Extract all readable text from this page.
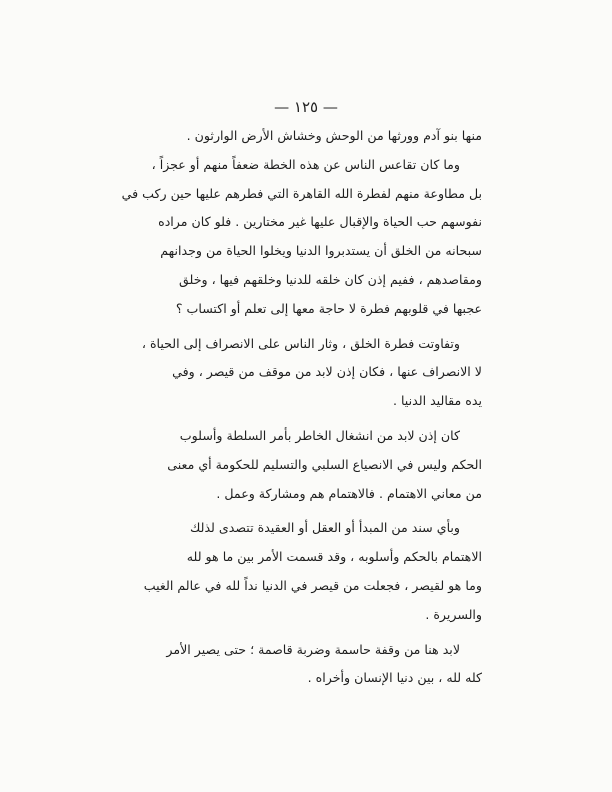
— ١٢٥ —
منها بنو آدم وورثها من الوحش وخشاش الأرض الوارثون .
وما كان تقاعس الناس عن هذه الخطة ضعفاً منهم أو عجزاً ،
بل مطاوعة منهم لفطرة الله القاهرة التي فطرهم عليها حين ركب في
نفوسهم حب الحياة والإقبال عليها غير مختارين . فلو كان مراده
سبحانه من الخلق أن يستدبروا الدنيا ويخلوا الحياة من وجدانهم
ومقاصدهم ، ففيم إذن كان خلقه للدنيا وخلقهم فيها ، وخلق
عجبها في قلوبهم فطرة لا حاجة معها إلى تعلم أو اكتساب ؟
وتفاوتت فطرة الخلق ، وثار الناس على الانصراف إلى الحياة ،
لا الانصراف عنها ، فكان إذن لابد من موقف من قيصر ، وفي
يده مقاليد الدنيا .
كان إذن لابد من انشغال الخاطر بأمر السلطة وأسلوب
الحكم وليس في الانصياع السلبي والتسليم للحكومة أي معنى
من معاني الاهتمام . فالاهتمام هم ومشاركة وعمل .
وبأي سند من المبدأ أو العقل أو العقيدة تتصدى لذلك
الاهتمام بالحكم وأسلوبه ، وقد قسمت الأمر بين ما هو لله
وما هو لقيصر ، فجعلت من قيصر في الدنيا نداً لله في عالم الغيب
والسريرة .
لابد هنا من وقفة حاسمة وضربة قاصمة ؛ حتى يصير الأمر
كله لله ، بين دنيا الإنسان وأخراه .
